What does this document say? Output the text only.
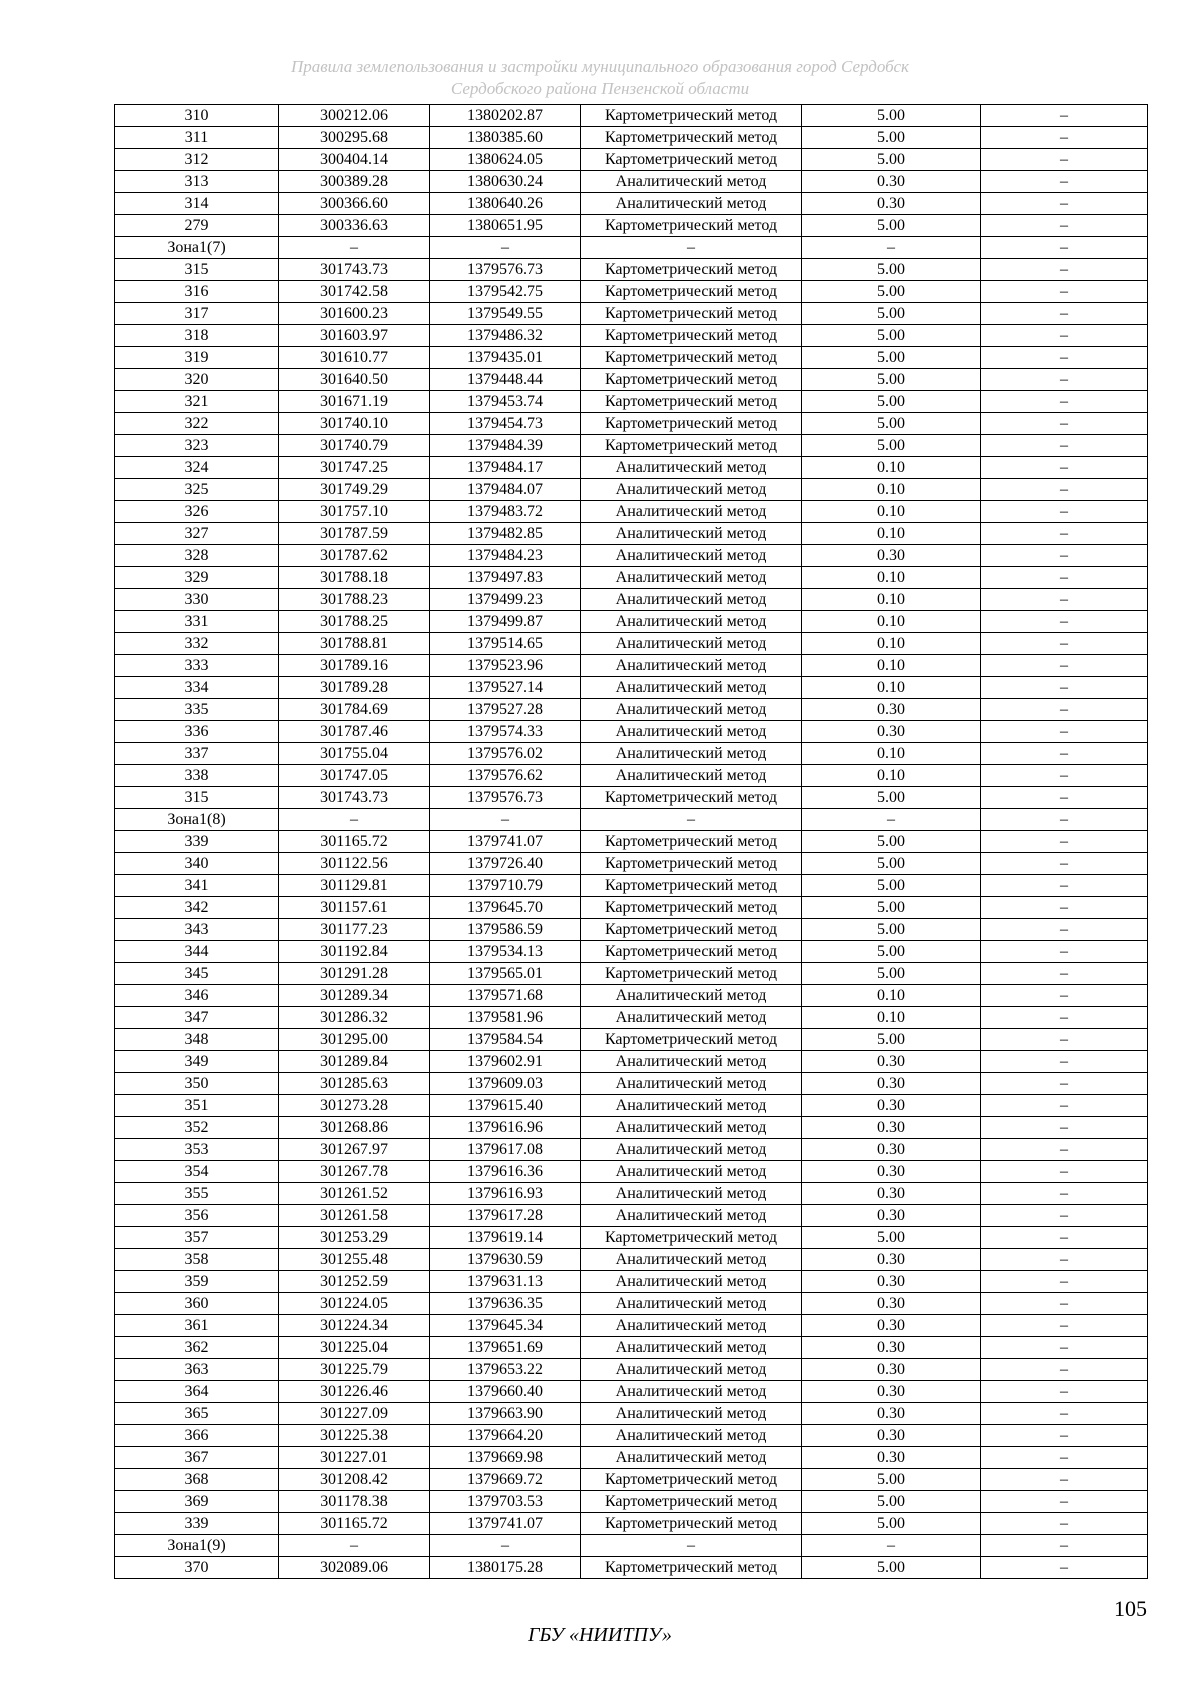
Правила землепользования и застройки муниципального образования город Сердобск
Сердобского района Пензенской области
310	300212.06	1380202.87	Картометрический метод	5.00	–
311	300295.68	1380385.60	Картометрический метод	5.00	–
312	300404.14	1380624.05	Картометрический метод	5.00	–
313	300389.28	1380630.24	Аналитический метод	0.30	–
314	300366.60	1380640.26	Аналитический метод	0.30	–
279	300336.63	1380651.95	Картометрический метод	5.00	–
Зона1(7)	–	–	–	–	–
315	301743.73	1379576.73	Картометрический метод	5.00	–
316	301742.58	1379542.75	Картометрический метод	5.00	–
317	301600.23	1379549.55	Картометрический метод	5.00	–
318	301603.97	1379486.32	Картометрический метод	5.00	–
319	301610.77	1379435.01	Картометрический метод	5.00	–
320	301640.50	1379448.44	Картометрический метод	5.00	–
321	301671.19	1379453.74	Картометрический метод	5.00	–
322	301740.10	1379454.73	Картометрический метод	5.00	–
323	301740.79	1379484.39	Картометрический метод	5.00	–
324	301747.25	1379484.17	Аналитический метод	0.10	–
325	301749.29	1379484.07	Аналитический метод	0.10	–
326	301757.10	1379483.72	Аналитический метод	0.10	–
327	301787.59	1379482.85	Аналитический метод	0.10	–
328	301787.62	1379484.23	Аналитический метод	0.30	–
329	301788.18	1379497.83	Аналитический метод	0.10	–
330	301788.23	1379499.23	Аналитический метод	0.10	–
331	301788.25	1379499.87	Аналитический метод	0.10	–
332	301788.81	1379514.65	Аналитический метод	0.10	–
333	301789.16	1379523.96	Аналитический метод	0.10	–
334	301789.28	1379527.14	Аналитический метод	0.10	–
335	301784.69	1379527.28	Аналитический метод	0.30	–
336	301787.46	1379574.33	Аналитический метод	0.30	–
337	301755.04	1379576.02	Аналитический метод	0.10	–
338	301747.05	1379576.62	Аналитический метод	0.10	–
315	301743.73	1379576.73	Картометрический метод	5.00	–
Зона1(8)	–	–	–	–	–
339	301165.72	1379741.07	Картометрический метод	5.00	–
340	301122.56	1379726.40	Картометрический метод	5.00	–
341	301129.81	1379710.79	Картометрический метод	5.00	–
342	301157.61	1379645.70	Картометрический метод	5.00	–
343	301177.23	1379586.59	Картометрический метод	5.00	–
344	301192.84	1379534.13	Картометрический метод	5.00	–
345	301291.28	1379565.01	Картометрический метод	5.00	–
346	301289.34	1379571.68	Аналитический метод	0.10	–
347	301286.32	1379581.96	Аналитический метод	0.10	–
348	301295.00	1379584.54	Картометрический метод	5.00	–
349	301289.84	1379602.91	Аналитический метод	0.30	–
350	301285.63	1379609.03	Аналитический метод	0.30	–
351	301273.28	1379615.40	Аналитический метод	0.30	–
352	301268.86	1379616.96	Аналитический метод	0.30	–
353	301267.97	1379617.08	Аналитический метод	0.30	–
354	301267.78	1379616.36	Аналитический метод	0.30	–
355	301261.52	1379616.93	Аналитический метод	0.30	–
356	301261.58	1379617.28	Аналитический метод	0.30	–
357	301253.29	1379619.14	Картометрический метод	5.00	–
358	301255.48	1379630.59	Аналитический метод	0.30	–
359	301252.59	1379631.13	Аналитический метод	0.30	–
360	301224.05	1379636.35	Аналитический метод	0.30	–
361	301224.34	1379645.34	Аналитический метод	0.30	–
362	301225.04	1379651.69	Аналитический метод	0.30	–
363	301225.79	1379653.22	Аналитический метод	0.30	–
364	301226.46	1379660.40	Аналитический метод	0.30	–
365	301227.09	1379663.90	Аналитический метод	0.30	–
366	301225.38	1379664.20	Аналитический метод	0.30	–
367	301227.01	1379669.98	Аналитический метод	0.30	–
368	301208.42	1379669.72	Картометрический метод	5.00	–
369	301178.38	1379703.53	Картометрический метод	5.00	–
339	301165.72	1379741.07	Картометрический метод	5.00	–
Зона1(9)	–	–	–	–	–
370	302089.06	1380175.28	Картометрический метод	5.00	–
105
ГБУ «НИИТПУ»
